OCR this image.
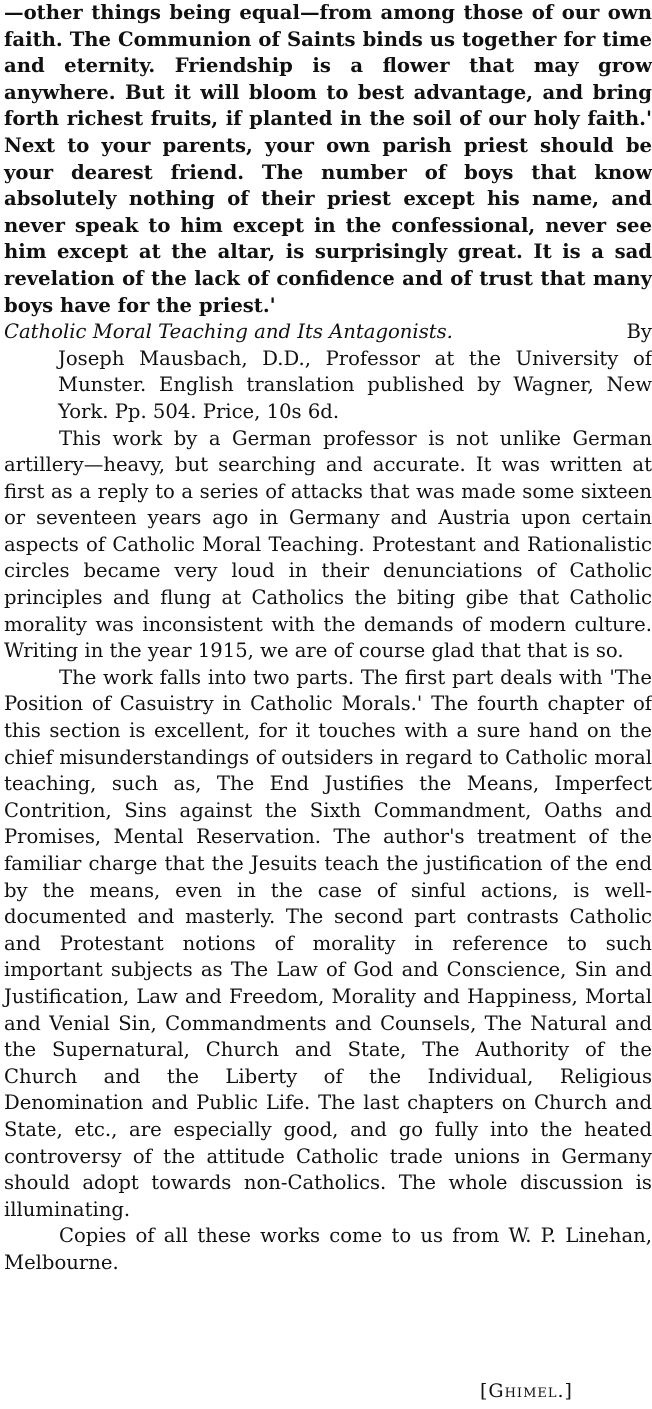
—other things being equal—from among those of our own faith. The Communion of Saints binds us together for time and eternity. Friendship is a flower that may grow anywhere. But it will bloom to best advantage, and bring forth richest fruits, if planted in the soil of our holy faith.' Next to your parents, your own parish priest should be your dearest friend. The number of boys that know absolutely nothing of their priest except his name, and never speak to him except in the confessional, never see him except at the altar, is surprisingly great. It is a sad revelation of the lack of confidence and of trust that many boys have for the priest.'

Catholic Moral Teaching and Its Antagonists.	By
Joseph Mausbach, D.D., Professor at the University of Munster. English translation published by Wagner, New York. Pp. 504. Price, 10s 6d.

This work by a German professor is not unlike German artillery—heavy, but searching and accurate. It was written at first as a reply to a series of attacks that was made some sixteen or seventeen years ago in Germany and Austria upon certain aspects of Catholic Moral Teaching. Protestant and Rationalistic circles became very loud in their denunciations of Catholic principles and flung at Catholics the biting gibe that Catholic morality was inconsistent with the demands of modern culture. Writing in the year 1915, we are of course glad that that is so.

The work falls into two parts. The first part deals with 'The Position of Casuistry in Catholic Morals.' The fourth chapter of this section is excellent, for it touches with a sure hand on the chief misunderstandings of outsiders in regard to Catholic moral teaching, such as, The End Justifies the Means, Imperfect Contrition, Sins against the Sixth Commandment, Oaths and Promises, Mental Reservation. The author's treatment of the familiar charge that the Jesuits teach the justification of the end by the means, even in the case of sinful actions, is well-documented and masterly. The second part contrasts Catholic and Protestant notions of morality in reference to such important subjects as The Law of God and Conscience, Sin and Justification, Law and Freedom, Morality and Happiness, Mortal and Venial Sin, Commandments and Counsels, The Natural and the Supernatural, Church and State, The Authority of the Church and the Liberty of the Individual, Religious Denomination and Public Life. The last chapters on Church and State, etc., are especially good, and go fully into the heated controversy of the attitude Catholic trade unions in Germany should adopt towards non-Catholics. The whole discussion is illuminating.

Copies of all these works come to us from W. P. Linehan, Melbourne.

[Ghimel.]
